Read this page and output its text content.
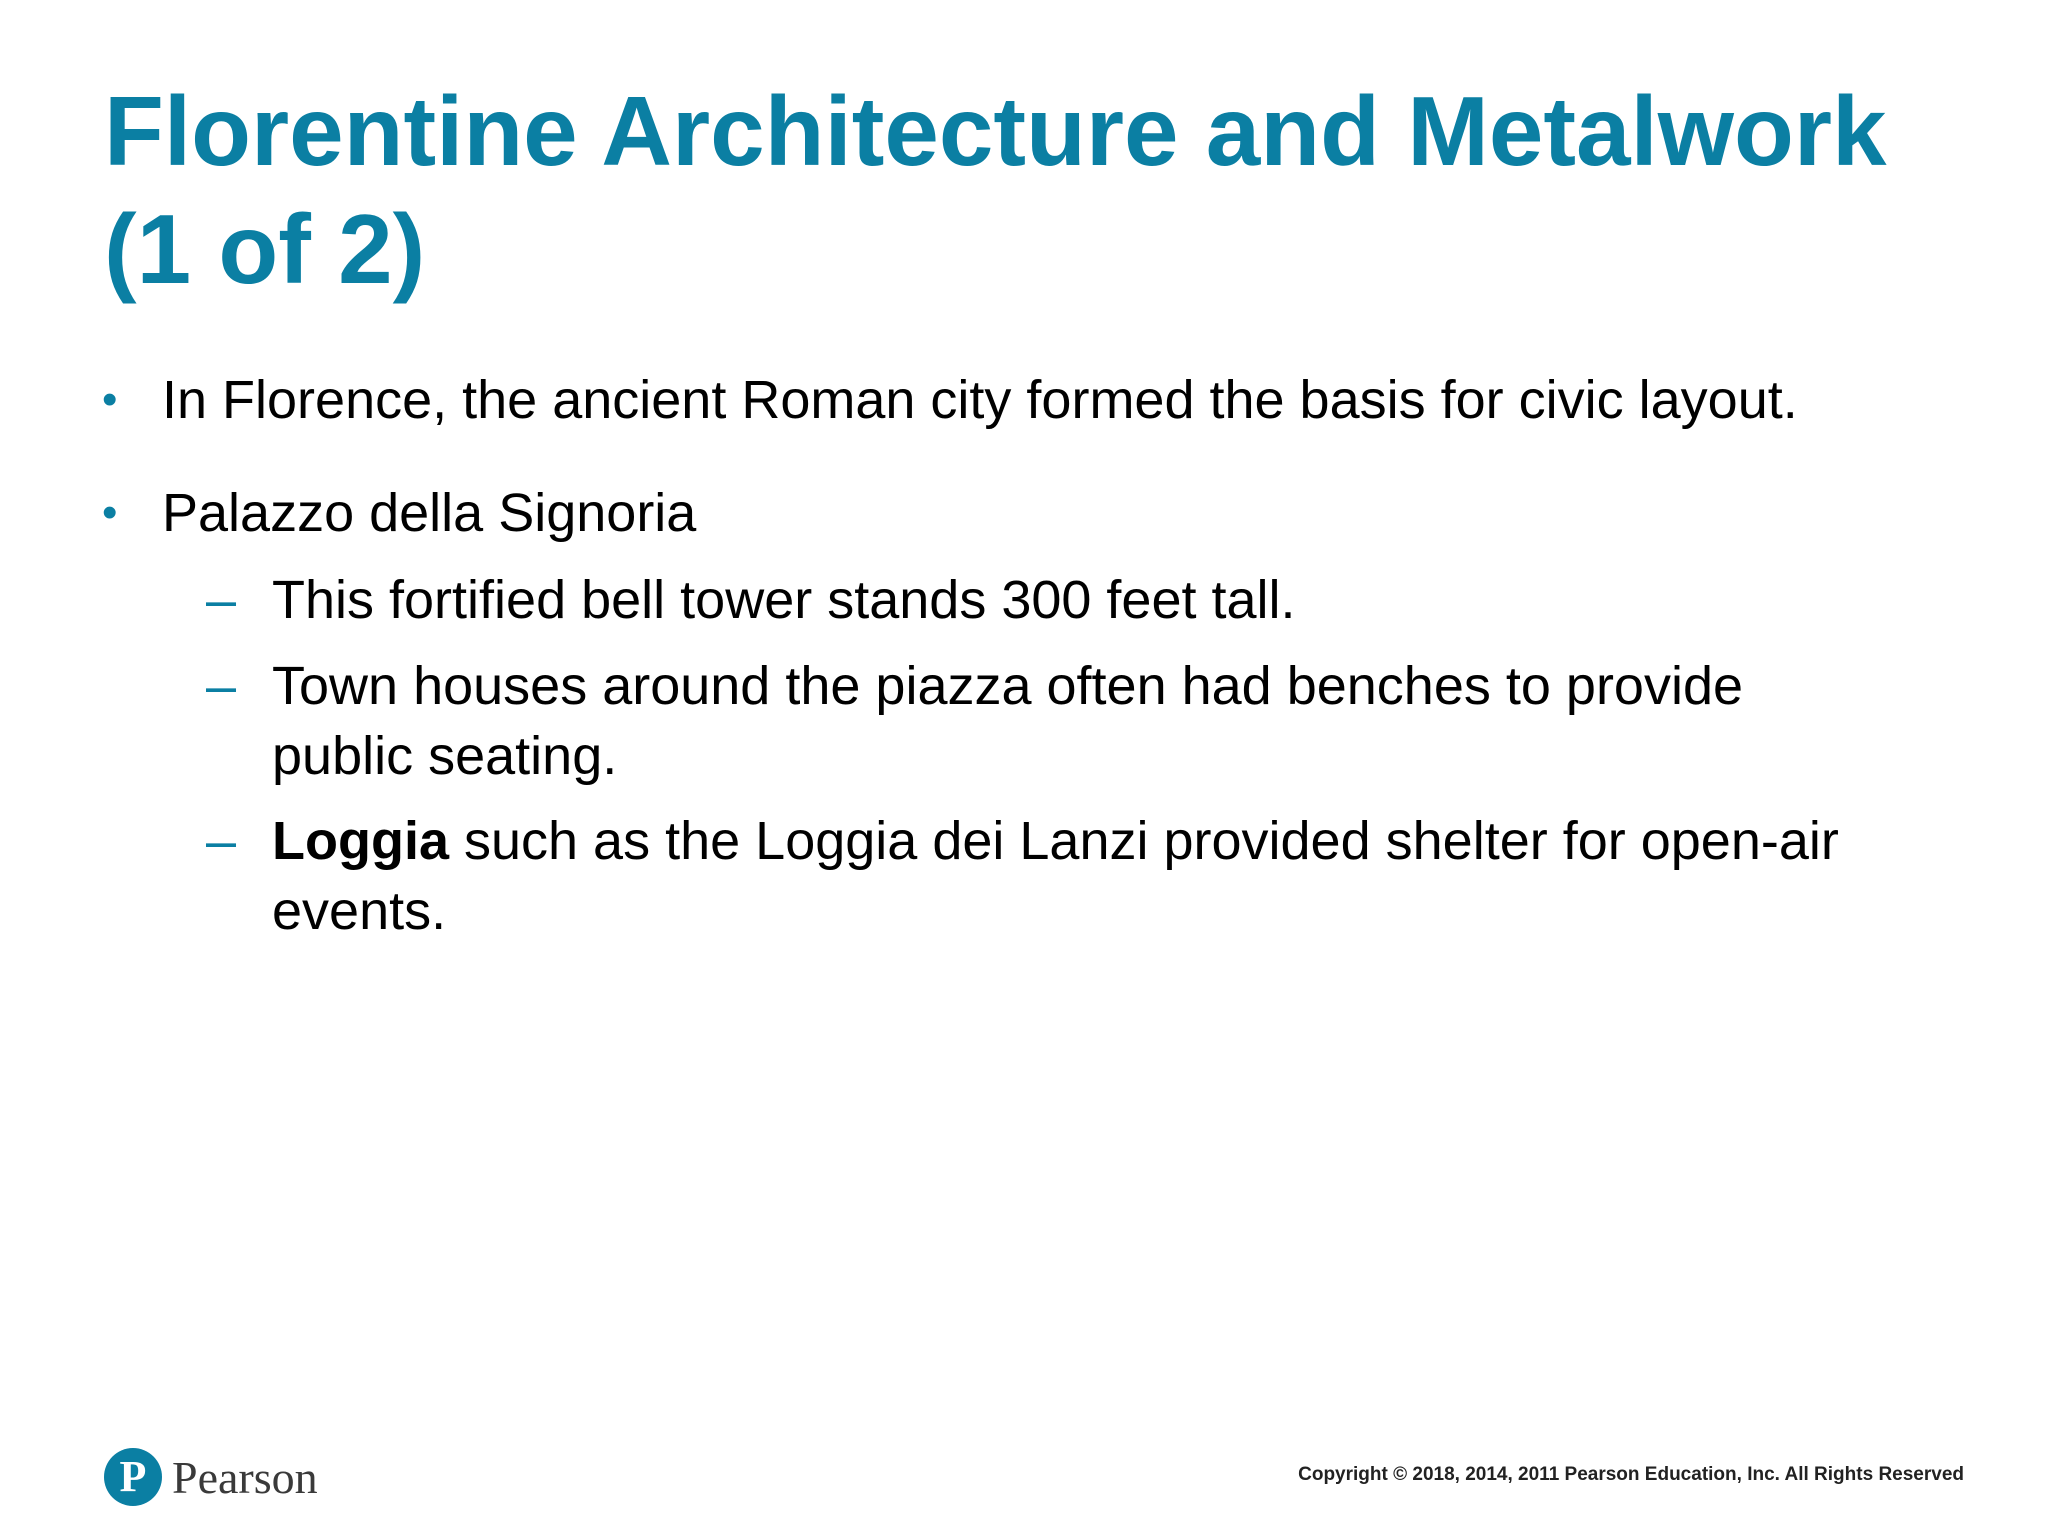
Florentine Architecture and Metalwork
(1 of 2)
• In Florence, the ancient Roman city formed the basis for civic layout.
• Palazzo della Signoria
– This fortified bell tower stands 300 feet tall.
– Town houses around the piazza often had benches to provide
public seating.
– Loggia such as the Loggia dei Lanzi provided shelter for open-air
events.
P Pearson	Copyright © 2018, 2014, 2011 Pearson Education, Inc. All Rights Reserved
